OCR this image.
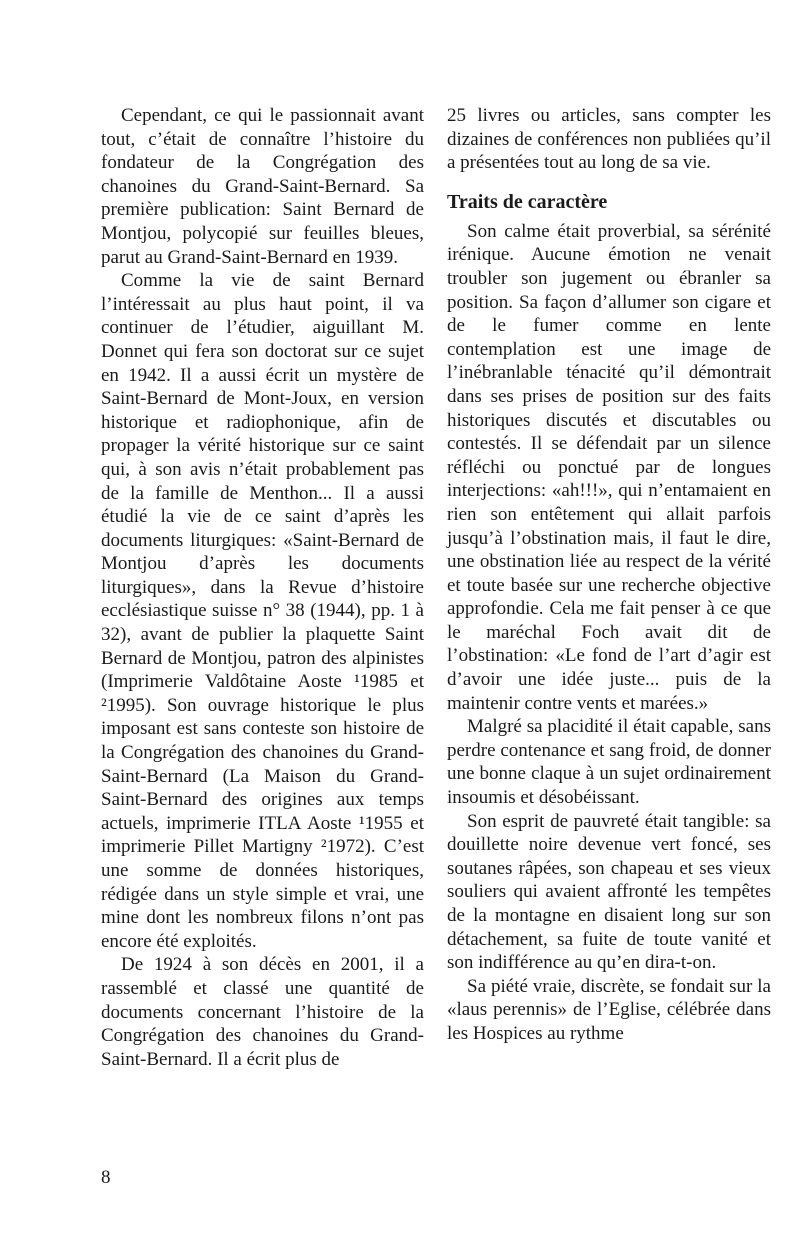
Cependant, ce qui le passionnait avant tout, c’était de connaître l’histoire du fondateur de la Congrégation des chanoines du Grand-Saint-Bernard. Sa première publication: Saint Bernard de Montjou, polycopié sur feuilles bleues, parut au Grand-Saint-Bernard en 1939.

Comme la vie de saint Bernard l’intéressait au plus haut point, il va continuer de l’étudier, aiguillant M. Donnet qui fera son doctorat sur ce sujet en 1942. Il a aussi écrit un mystère de Saint-Bernard de Mont-Joux, en version historique et radiophonique, afin de propager la vérité historique sur ce saint qui, à son avis n’était probablement pas de la famille de Menthon... Il a aussi étudié la vie de ce saint d’après les documents liturgiques: «Saint-Bernard de Montjou d’après les documents liturgiques», dans la Revue d’histoire ecclésiastique suisse n° 38 (1944), pp. 1 à 32), avant de publier la plaquette Saint Bernard de Montjou, patron des alpinistes (Imprimerie Valdôtaine Aoste ¹1985 et ²1995). Son ouvrage historique le plus imposant est sans conteste son histoire de la Congrégation des chanoines du Grand-Saint-Bernard (La Maison du Grand-Saint-Bernard des origines aux temps actuels, imprimerie ITLA Aoste ¹1955 et imprimerie Pillet Martigny ²1972). C’est une somme de données historiques, rédigée dans un style simple et vrai, une mine dont les nombreux filons n’ont pas encore été exploités.

De 1924 à son décès en 2001, il a rassemblé et classé une quantité de documents concernant l’histoire de la Congrégation des chanoines du Grand-Saint-Bernard. Il a écrit plus de

25 livres ou articles, sans compter les dizaines de conférences non publiées qu’il a présentées tout au long de sa vie.

Traits de caractère

Son calme était proverbial, sa sérénité irénique. Aucune émotion ne venait troubler son jugement ou ébranler sa position. Sa façon d’allumer son cigare et de le fumer comme en lente contemplation est une image de l’inébranlable ténacité qu’il démontrait dans ses prises de position sur des faits historiques discutés et discutables ou contestés. Il se défendait par un silence réfléchi ou ponctué par de longues interjections: «ah!!!», qui n’entamaient en rien son entêtement qui allait parfois jusqu’à l’obstination mais, il faut le dire, une obstination liée au respect de la vérité et toute basée sur une recherche objective approfondie. Cela me fait penser à ce que le maréchal Foch avait dit de l’obstination: «Le fond de l’art d’agir est d’avoir une idée juste... puis de la maintenir contre vents et marées.»

Malgré sa placidité il était capable, sans perdre contenance et sang froid, de donner une bonne claque à un sujet ordinairement insoumis et désobéissant.

Son esprit de pauvreté était tangible: sa douillette noire devenue vert foncé, ses soutanes râpées, son chapeau et ses vieux souliers qui avaient affronté les tempêtes de la montagne en disaient long sur son détachement, sa fuite de toute vanité et son indifférence au qu’en dira-t-on.

Sa piété vraie, discrète, se fondait sur la «laus perennis» de l’Eglise, célébrée dans les Hospices au rythme

8
